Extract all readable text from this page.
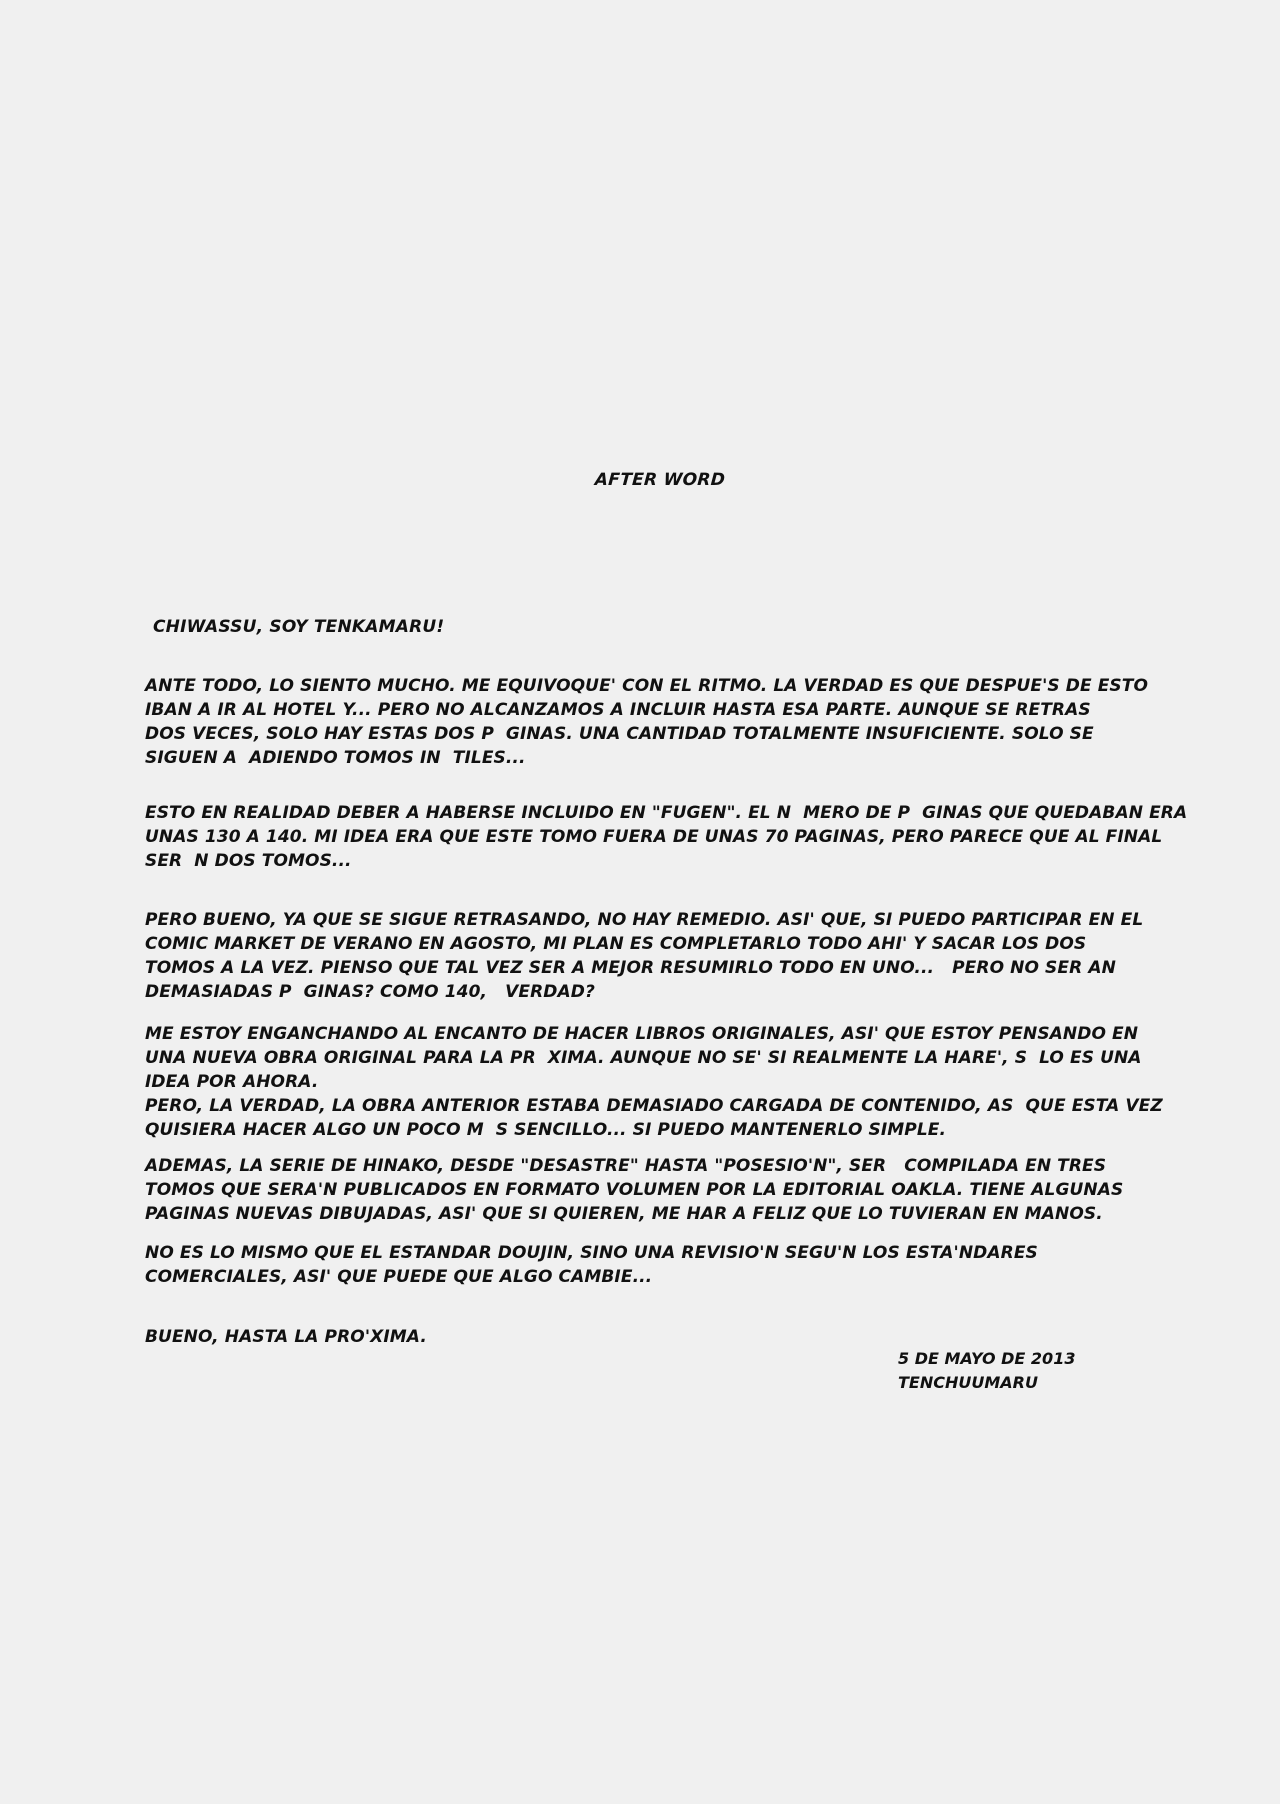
AFTER WORD
CHIWASSU, SOY TENKAMARU!
ANTE TODO, LO SIENTO MUCHO. ME EQUIVOQUE' CON EL RITMO. LA VERDAD ES QUE DESPUE'S DE ESTO
IBAN A IR AL HOTEL Y... PERO NO ALCANZAMOS A INCLUIR HASTA ESA PARTE. AUNQUE SE RETRAS
DOS VECES, SOLO HAY ESTAS DOS P  GINAS. UNA CANTIDAD TOTALMENTE INSUFICIENTE. SOLO SE
SIGUEN A  ADIENDO TOMOS IN  TILES...
ESTO EN REALIDAD DEBER A HABERSE INCLUIDO EN "FUGEN". EL N  MERO DE P  GINAS QUE QUEDABAN ERA
UNAS 130 A 140. MI IDEA ERA QUE ESTE TOMO FUERA DE UNAS 70 PAGINAS, PERO PARECE QUE AL FINAL
SER  N DOS TOMOS...
PERO BUENO, YA QUE SE SIGUE RETRASANDO, NO HAY REMEDIO. ASI' QUE, SI PUEDO PARTICIPAR EN EL
COMIC MARKET DE VERANO EN AGOSTO, MI PLAN ES COMPLETARLO TODO AHI' Y SACAR LOS DOS
TOMOS A LA VEZ. PIENSO QUE TAL VEZ SER A MEJOR RESUMIRLO TODO EN UNO...   PERO NO SER AN
DEMASIADAS P  GINAS? COMO 140,   VERDAD?
ME ESTOY ENGANCHANDO AL ENCANTO DE HACER LIBROS ORIGINALES, ASI' QUE ESTOY PENSANDO EN
UNA NUEVA OBRA ORIGINAL PARA LA PR  XIMA. AUNQUE NO SE' SI REALMENTE LA HARE', S  LO ES UNA
IDEA POR AHORA.
PERO, LA VERDAD, LA OBRA ANTERIOR ESTABA DEMASIADO CARGADA DE CONTENIDO, AS  QUE ESTA VEZ
QUISIERA HACER ALGO UN POCO M  S SENCILLO... SI PUEDO MANTENERLO SIMPLE.
ADEMAS, LA SERIE DE HINAKO, DESDE "DESASTRE" HASTA "POSESIO'N", SER   COMPILADA EN TRES
TOMOS QUE SERA'N PUBLICADOS EN FORMATO VOLUMEN POR LA EDITORIAL OAKLA. TIENE ALGUNAS
PAGINAS NUEVAS DIBUJADAS, ASI' QUE SI QUIEREN, ME HAR A FELIZ QUE LO TUVIERAN EN MANOS.
NO ES LO MISMO QUE EL ESTANDAR DOUJIN, SINO UNA REVISIO'N SEGU'N LOS ESTA'NDARES
COMERCIALES, ASI' QUE PUEDE QUE ALGO CAMBIE...
BUENO, HASTA LA PRO'XIMA.
5 DE MAYO DE 2013
TENCHUUMARU
